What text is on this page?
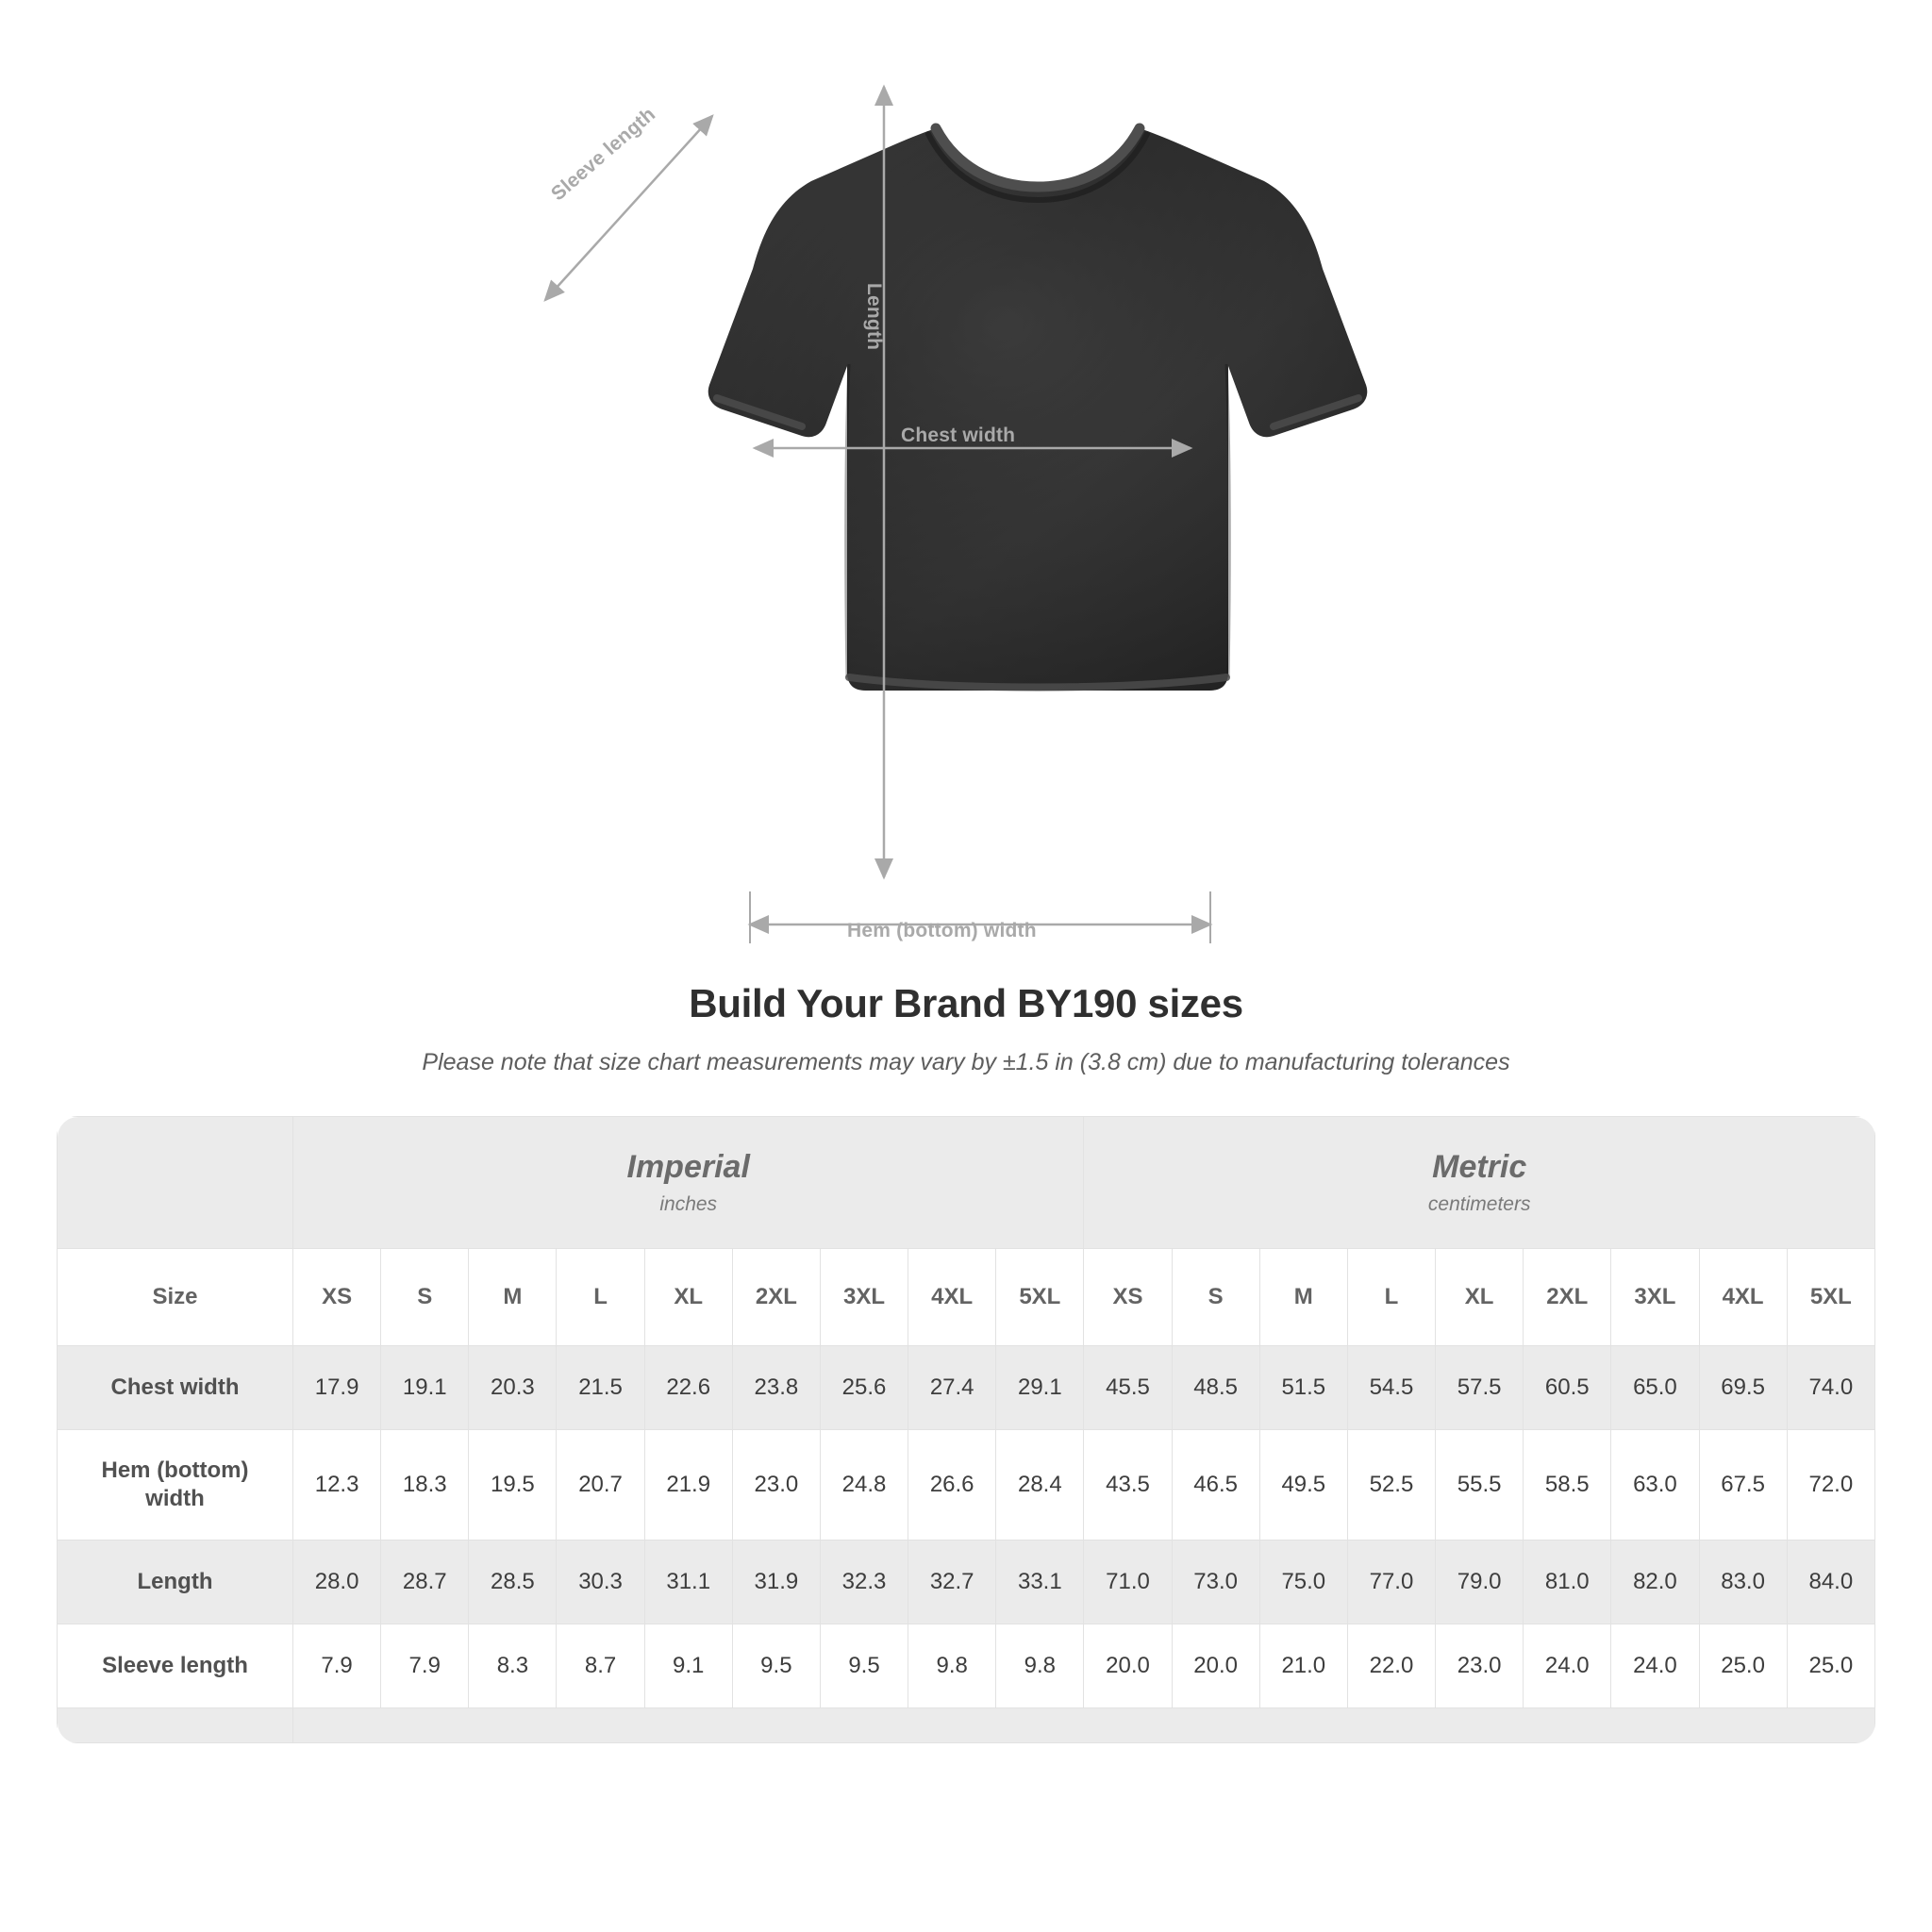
Sleeve length
Length
Chest width
Hem (bottom) width
Build Your Brand BY190 sizes
Please note that size chart measurements may vary by ±1.5 in (3.8 cm) due to manufacturing tolerances

Imperial
inches

Metric
centimeters

Size	XS	S	M	L	XL	2XL	3XL	4XL	5XL	XS	S	M	L	XL	2XL	3XL	4XL	5XL
Chest width	17.9	19.1	20.3	21.5	22.6	23.8	25.6	27.4	29.1	45.5	48.5	51.5	54.5	57.5	60.5	65.0	69.5	74.0
Hem (bottom) width	12.3	18.3	19.5	20.7	21.9	23.0	24.8	26.6	28.4	43.5	46.5	49.5	52.5	55.5	58.5	63.0	67.5	72.0
Length	28.0	28.7	28.5	30.3	31.1	31.9	32.3	32.7	33.1	71.0	73.0	75.0	77.0	79.0	81.0	82.0	83.0	84.0
Sleeve length	7.9	7.9	8.3	8.7	9.1	9.5	9.5	9.8	9.8	20.0	20.0	21.0	22.0	23.0	24.0	24.0	25.0	25.0
